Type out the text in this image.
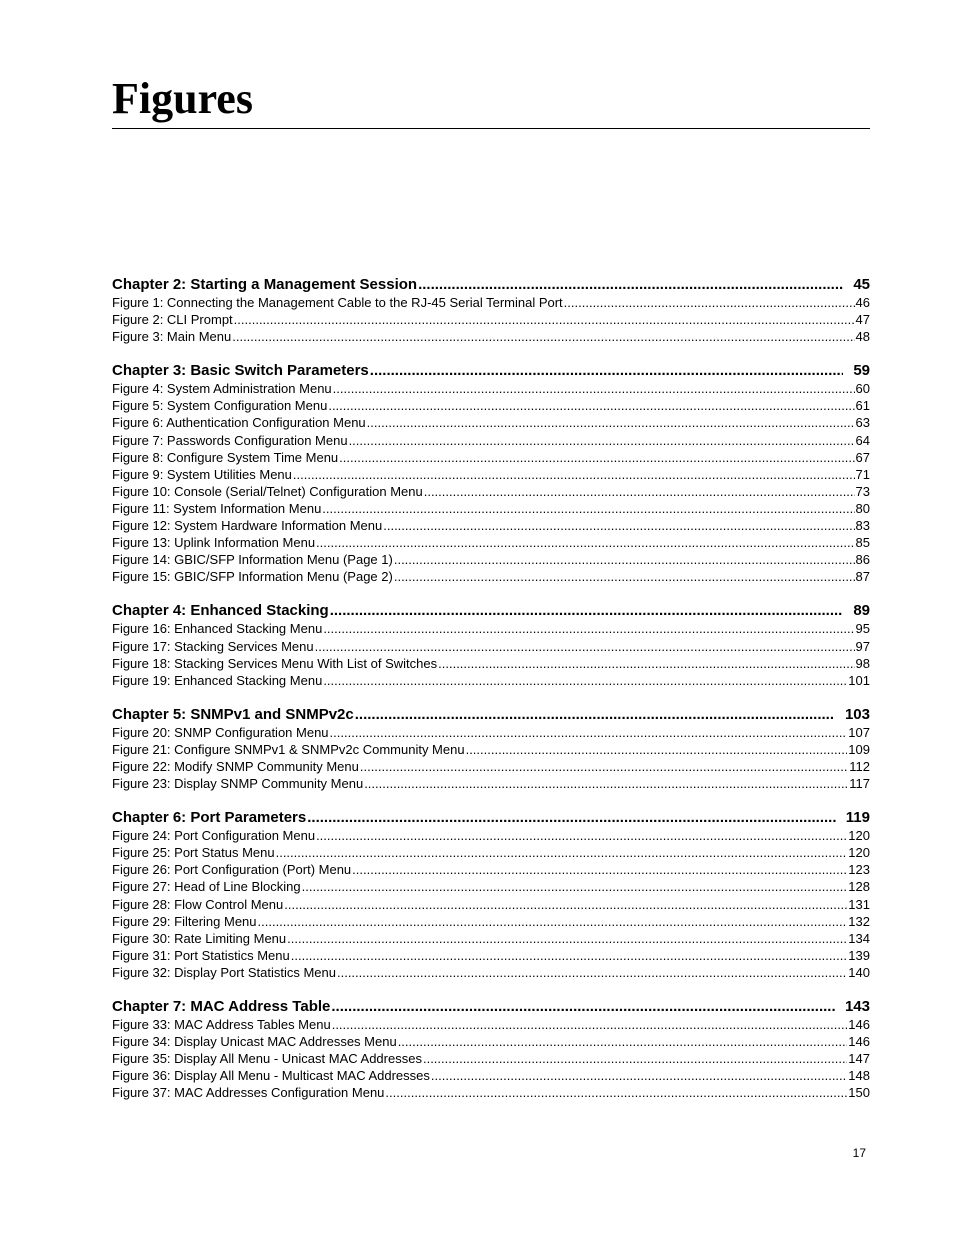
Figures
Chapter 2: Starting a Management Session .....	45
Figure 1: Connecting the Management Cable to the RJ-45 Serial Terminal Port .....	46
Figure 2: CLI Prompt .....	47
Figure 3: Main Menu .....	48
Chapter 3: Basic Switch Parameters .....	59
Figure 4: System Administration Menu .....	60
Figure 5: System Configuration Menu .....	61
Figure 6: Authentication Configuration Menu .....	63
Figure 7: Passwords Configuration Menu .....	64
Figure 8: Configure System Time Menu .....	67
Figure 9: System Utilities Menu .....	71
Figure 10: Console (Serial/Telnet) Configuration Menu .....	73
Figure 11: System Information Menu .....	80
Figure 12: System Hardware Information Menu .....	83
Figure 13: Uplink Information Menu .....	85
Figure 14: GBIC/SFP Information Menu (Page 1) .....	86
Figure 15: GBIC/SFP Information Menu (Page 2) .....	87
Chapter 4: Enhanced Stacking .....	89
Figure 16: Enhanced Stacking Menu .....	95
Figure 17: Stacking Services Menu .....	97
Figure 18: Stacking Services Menu With List of Switches .....	98
Figure 19: Enhanced Stacking Menu .....	101
Chapter 5: SNMPv1 and SNMPv2c .....	103
Figure 20: SNMP Configuration Menu .....	107
Figure 21: Configure SNMPv1 & SNMPv2c Community Menu .....	109
Figure 22: Modify SNMP Community Menu .....	112
Figure 23: Display SNMP Community Menu .....	117
Chapter 6: Port Parameters .....	119
Figure 24: Port Configuration Menu .....	120
Figure 25: Port Status Menu .....	120
Figure 26: Port Configuration (Port) Menu .....	123
Figure 27: Head of Line Blocking .....	128
Figure 28: Flow Control Menu .....	131
Figure 29: Filtering Menu .....	132
Figure 30: Rate Limiting Menu .....	134
Figure 31: Port Statistics Menu .....	139
Figure 32: Display Port Statistics Menu .....	140
Chapter 7: MAC Address Table .....	143
Figure 33: MAC Address Tables Menu .....	146
Figure 34: Display Unicast MAC Addresses Menu .....	146
Figure 35: Display All Menu - Unicast MAC Addresses .....	147
Figure 36: Display All Menu - Multicast MAC Addresses .....	148
Figure 37: MAC Addresses Configuration Menu .....	150
17
